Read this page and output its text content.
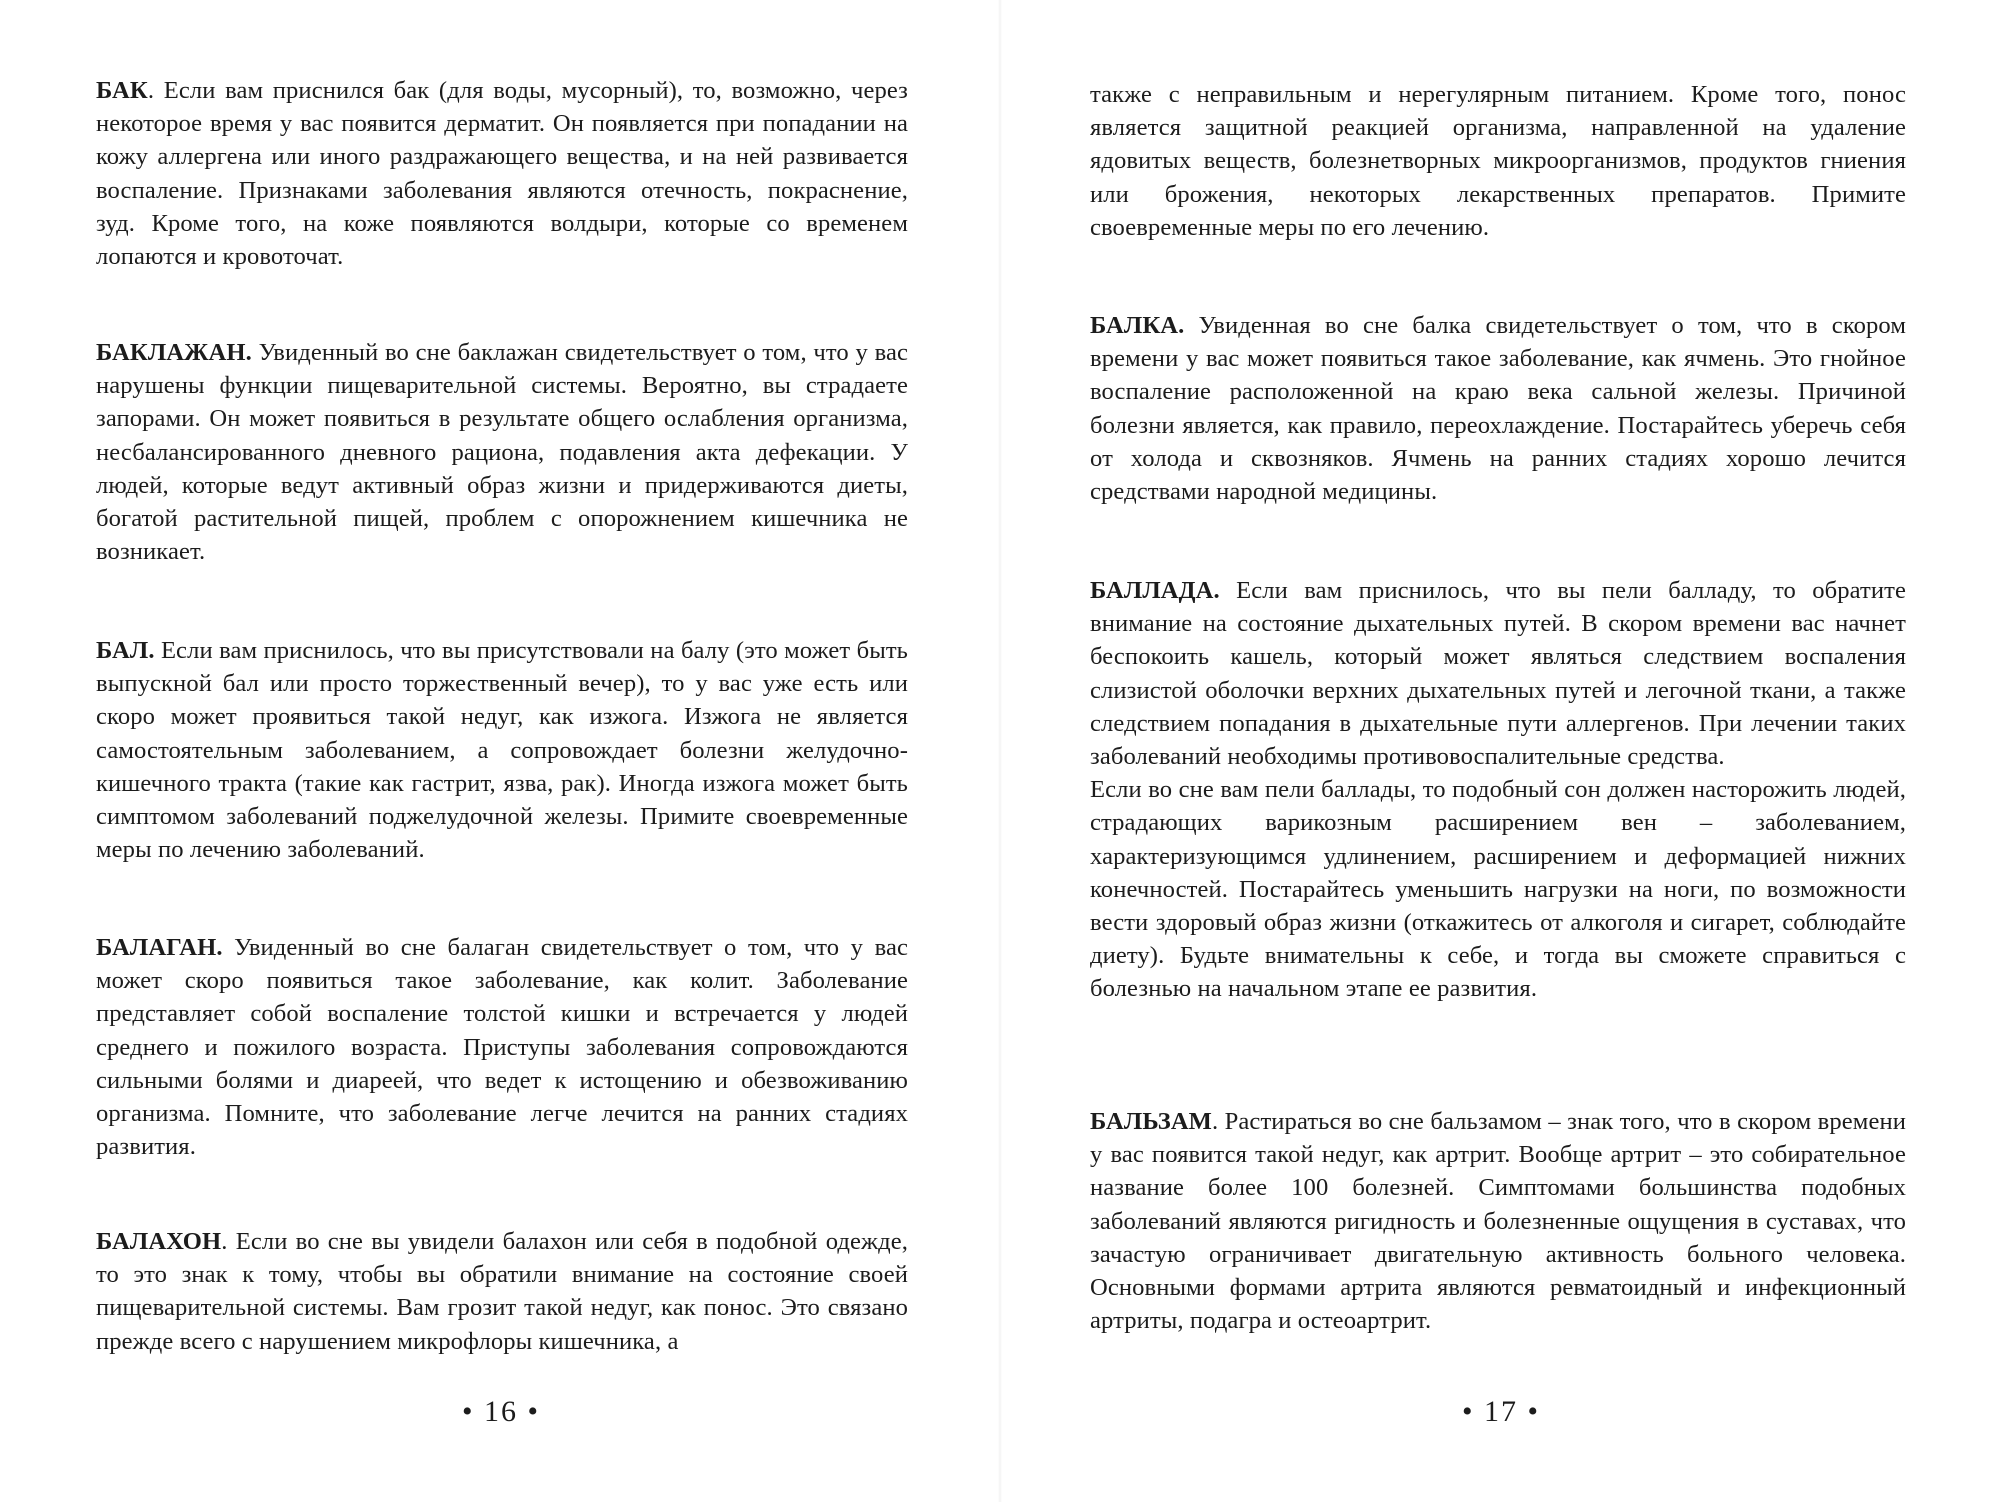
БАК. Если вам приснился бак (для воды, мусорный), то, возможно, через некоторое время у вас появится дерматит. Он появляется при попадании на кожу аллергена или иного раздражающего вещества, и на ней развивается воспаление. Признаками заболевания являются отечность, покраснение, зуд. Кроме того, на коже появляются волдыри, которые со временем лопаются и кровоточат.

БАКЛАЖАН. Увиденный во сне баклажан свидетельствует о том, что у вас нарушены функции пищеварительной системы. Вероятно, вы страдаете запорами. Он может появиться в результате общего ослабления организма, несбалансированного дневного рациона, подавления акта дефекации. У людей, которые ведут активный образ жизни и придерживаются диеты, богатой растительной пищей, проблем с опорожнением кишечника не возникает.

БАЛ. Если вам приснилось, что вы присутствовали на балу (это может быть выпускной бал или просто торжественный вечер), то у вас уже есть или скоро может проявиться такой недуг, как изжога. Изжога не является самостоятельным заболеванием, а сопровождает болезни желудочно-кишечного тракта (такие как гастрит, язва, рак). Иногда изжога может быть симптомом заболеваний поджелудочной железы. Примите своевременные меры по лечению заболеваний.

БАЛАГАН. Увиденный во сне балаган свидетельствует о том, что у вас может скоро появиться такое заболевание, как колит. Заболевание представляет собой воспаление толстой кишки и встречается у людей среднего и пожилого возраста. Приступы заболевания сопровождаются сильными болями и диареей, что ведет к истощению и обезвоживанию организма. Помните, что заболевание легче лечится на ранних стадиях развития.

БАЛАХОН. Если во сне вы увидели балахон или себя в подобной одежде, то это знак к тому, чтобы вы обратили внимание на состояние своей пищеварительной системы. Вам грозит такой недуг, как понос. Это связано прежде всего с нарушением микрофлоры кишечника, а

• 16 •

также с неправильным и нерегулярным питанием. Кроме того, понос является защитной реакцией организма, направленной на удаление ядовитых веществ, болезнетворных микроорганизмов, продуктов гниения или брожения, некоторых лекарственных препаратов. Примите своевременные меры по его лечению.

БАЛКА. Увиденная во сне балка свидетельствует о том, что в скором времени у вас может появиться такое заболевание, как ячмень. Это гнойное воспаление расположенной на краю века сальной железы. Причиной болезни является, как правило, переохлаждение. Постарайтесь уберечь себя от холода и сквозняков. Ячмень на ранних стадиях хорошо лечится средствами народной медицины.

БАЛЛАДА. Если вам приснилось, что вы пели балладу, то обратите внимание на состояние дыхательных путей. В скором времени вас начнет беспокоить кашель, который может являться следствием воспаления слизистой оболочки верхних дыхательных путей и легочной ткани, а также следствием попадания в дыхательные пути аллергенов. При лечении таких заболеваний необходимы противовоспалительные средства.
Если во сне вам пели баллады, то подобный сон должен насторожить людей, страдающих варикозным расширением вен – заболеванием, характеризующимся удлинением, расширением и деформацией нижних конечностей. Постарайтесь уменьшить нагрузки на ноги, по возможности вести здоровый образ жизни (откажитесь от алкоголя и сигарет, соблюдайте диету). Будьте внимательны к себе, и тогда вы сможете справиться с болезнью на начальном этапе ее развития.

БАЛЬЗАМ. Растираться во сне бальзамом – знак того, что в скором времени у вас появится такой недуг, как артрит. Вообще артрит – это собирательное название более 100 болезней. Симптомами большинства подобных заболеваний являются ригидность и болезненные ощущения в суставах, что зачастую ограничивает двигательную активность больного человека. Основными формами артрита являются ревматоидный и инфекционный артриты, подагра и остеоартрит.

• 17 •
